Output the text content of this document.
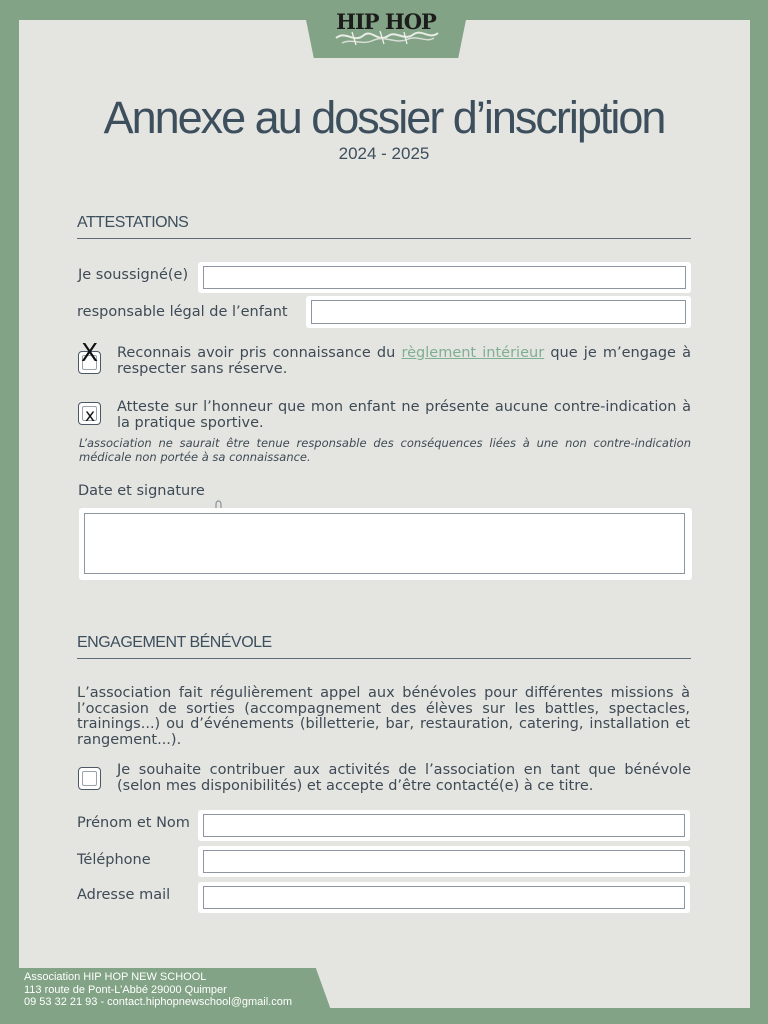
HIP HOP
Annexe au dossier d’inscription
2024 - 2025
ATTESTATIONS
Je soussigné(e)
responsable légal de l’enfant
X Reconnais avoir pris connaissance du règlement intérieur que je m’engage à respecter sans réserve.
x Atteste sur l’honneur que mon enfant ne présente aucune contre-indication à la pratique sportive.
L’association ne saurait être tenue responsable des conséquences liées à une non contre-indication médicale non portée à sa connaissance.
Date et signature
ENGAGEMENT BÉNÉVOLE
L’association fait régulièrement appel aux bénévoles pour différentes missions à l’occasion de sorties (accompagnement des élèves sur les battles, spectacles, trainings...) ou d’événements (billetterie, bar, restauration, catering, installation et rangement...).
Je souhaite contribuer aux activités de l’association en tant que bénévole (selon mes disponibilités) et accepte d’être contacté(e) à ce titre.
Prénom et Nom
Téléphone
Adresse mail
Association HIP HOP NEW SCHOOL
113 route de Pont-L’Abbé 29000 Quimper
09 53 32 21 93 - contact.hiphopnewschool@gmail.com
